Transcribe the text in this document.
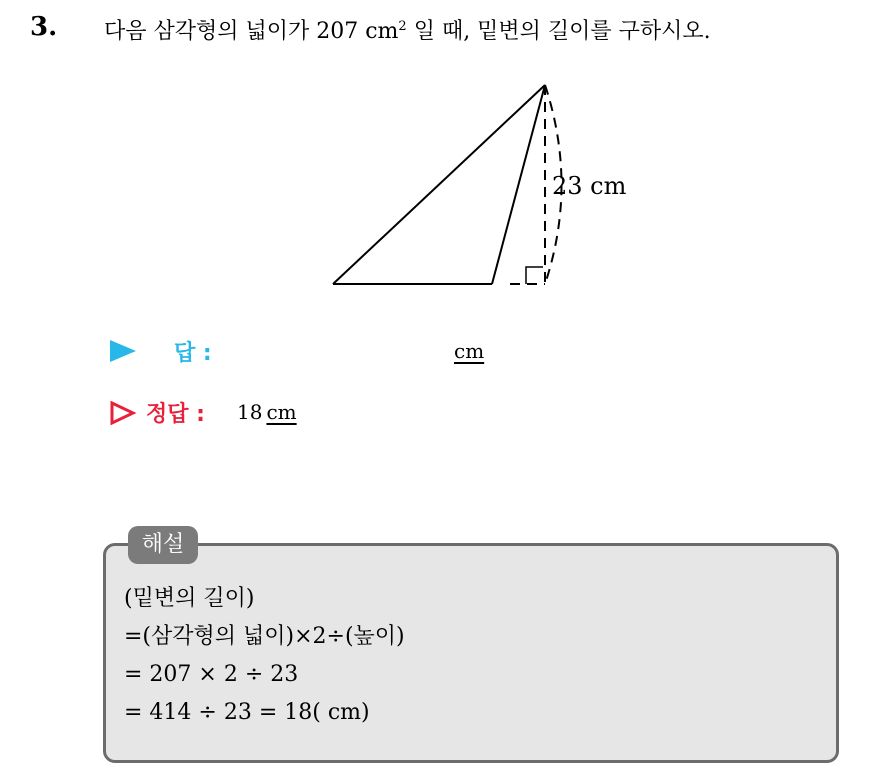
3. 다음 삼각형의 넓이가 207 $cm^2$ 일 때, 밑변의 길이를 구하시오.
23 cm
답 :	cm
정답 : 18 cm
해설
(밑변의 길이)
=(삼각형의 넓이)×2÷(높이)
= 207 × 2 ÷ 23
= 414 ÷ 23 = 18( cm)
